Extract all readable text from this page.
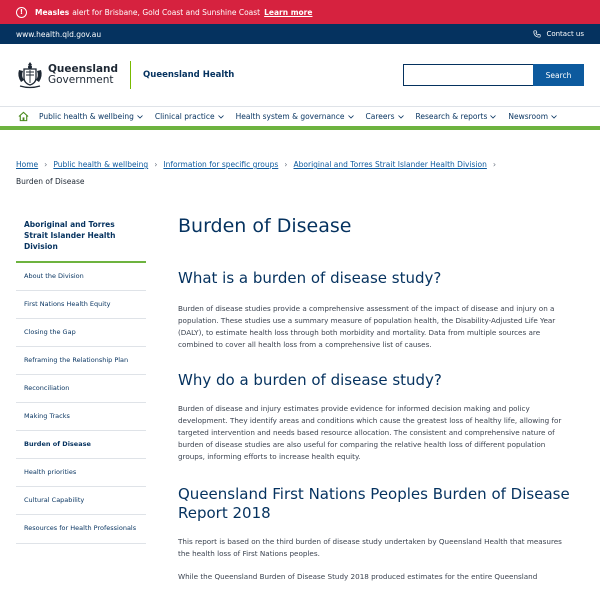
!	Measles alert for Brisbane, Gold Coast and Sunshine Coast Learn more
www.health.qld.gov.au	Contact us
Queensland
Government	Queensland Health	Search
Public health & wellbeing	Clinical practice	Health system & governance	Careers	Research & reports	Newsroom
Home › Public health & wellbeing › Information for specific groups › Aboriginal and Torres Strait Islander Health Division ›
Burden of Disease
Aboriginal and Torres Strait Islander Health Division
About the Division
First Nations Health Equity
Closing the Gap
Reframing the Relationship Plan
Reconciliation
Making Tracks
Burden of Disease
Health priorities
Cultural Capability
Resources for Health Professionals
Burden of Disease
What is a burden of disease study?

Burden of disease studies provide a comprehensive assessment of the impact of disease and injury on a population. These studies use a summary measure of population health, the Disability-Adjusted Life Year (DALY), to estimate health loss through both morbidity and mortality. Data from multiple sources are combined to cover all health loss from a comprehensive list of causes.

Why do a burden of disease study?

Burden of disease and injury estimates provide evidence for informed decision making and policy development. They identify areas and conditions which cause the greatest loss of healthy life, allowing for targeted intervention and needs based resource allocation. The consistent and comprehensive nature of burden of disease studies are also useful for comparing the relative health loss of different population groups, informing efforts to increase health equity.

Queensland First Nations Peoples Burden of Disease Report 2018

This report is based on the third burden of disease study undertaken by Queensland Health that measures the health loss of First Nations peoples.

While the Queensland Burden of Disease Study 2018 produced estimates for the entire Queensland
